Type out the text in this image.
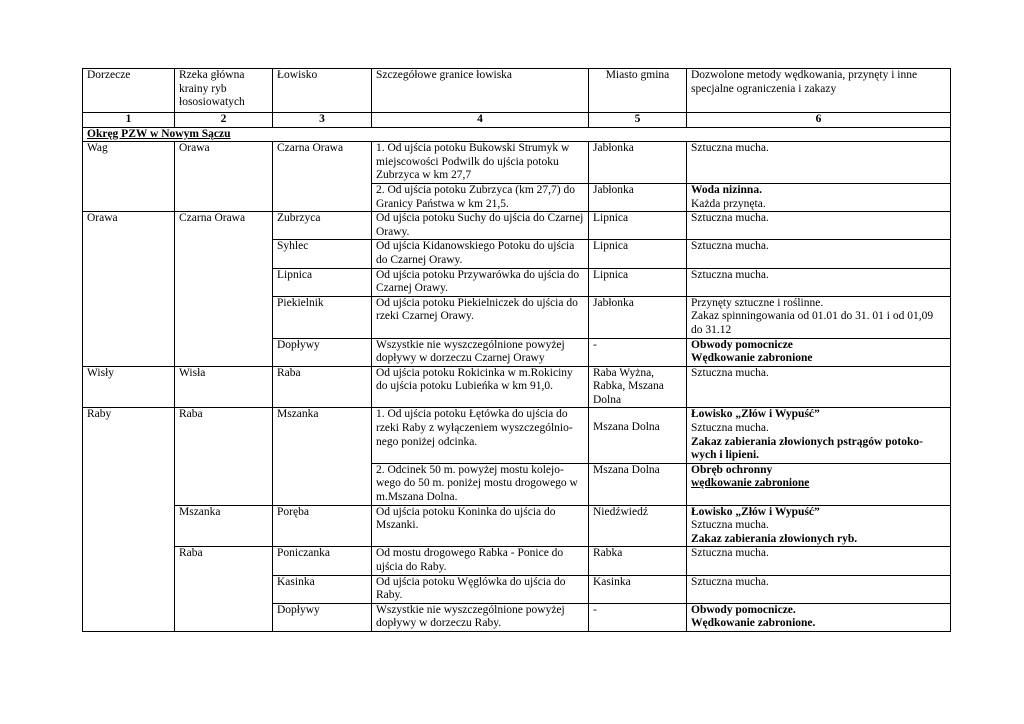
Dorzecze	Rzeka główna krainy ryb łososiowatych	Łowisko	Szczegółowe granice łowiska	Miasto gmina	Dozwolone metody wędkowania, przynęty i inne specjalne ograniczenia i zakazy
1	2	3	4	5	6
Okręg PZW w Nowym Sączu					
Wag	Orawa	Czarna Orawa	1. Od ujścia potoku Bukowski Strumyk w miejscowości Podwilk do ujścia potoku Zubrzyca w km 27,7	Jabłonka	Sztuczna mucha.
			2. Od ujścia potoku Zubrzyca (km 27,7) do Granicy Państwa w km 21,5.	Jabłonka	Woda nizinna.
Każda przynęta.

Orawa	Czarna Orawa	Zubrzyca	Od ujścia potoku Suchy do ujścia do Czarnej Orawy.	Lipnica	Sztuczna mucha.
		Syhlec	Od ujścia Kidanowskiego Potoku do ujścia do Czarnej Orawy.	Lipnica	Sztuczna mucha.
		Lipnica	Od ujścia potoku Przywarówka do ujścia do Czarnej Orawy.	Lipnica	Sztuczna mucha.
		Piekielnik	Od ujścia potoku Piekielniczek do ujścia do rzeki Czarnej Orawy.	Jabłonka	Przynęty sztuczne i roślinne.
Zakaz spinningowania od 01.01 do 31. 01 i od 01,09 do 31.12

		Dopływy	Wszystkie nie wyszczególnione powyżej dopływy w dorzeczu Czarnej Orawy	-	Obwody pomocnicze
Wędkowanie zabronione

Wisły	Wisła	Raba	Od ujścia potoku Rokicinka w m.Rokiciny do ujścia potoku Lubieńka w km 91,0.	Raba Wyżna, Rabka, Mszana Dolna	Sztuczna mucha.
Raby	Raba	Mszanka	1. Od ujścia potoku Łętówka do ujścia do rzeki Raby z wyłączeniem wyszczególnio-nego poniżej odcinka.	Mszana Dolna	Łowisko „Złów i Wypuść”
Sztuczna mucha.
Zakaz zabierania złowionych pstrągów potoko-wych i lipieni.

			2. Odcinek 50 m. powyżej mostu kolejo-wego do 50 m. poniżej mostu drogowego w m.Mszana Dolna.	Mszana Dolna	Obręb ochronny
wędkowanie zabronione

	Mszanka	Poręba	Od ujścia potoku Koninka do ujścia do Mszanki.	Niedźwiedź	Łowisko „Złów i Wypuść”
Sztuczna mucha.
Zakaz zabierania złowionych ryb.

	Raba	Poniczanka	Od mostu drogowego Rabka - Ponice do ujścia do Raby.	Rabka	Sztuczna mucha.
		Kasinka	Od ujścia potoku Węglówka do ujścia do Raby.	Kasinka	Sztuczna mucha.
		Dopływy	Wszystkie nie wyszczególnione powyżej dopływy w dorzeczu Raby.	-	Obwody pomocnicze.
Wędkowanie zabronione.
